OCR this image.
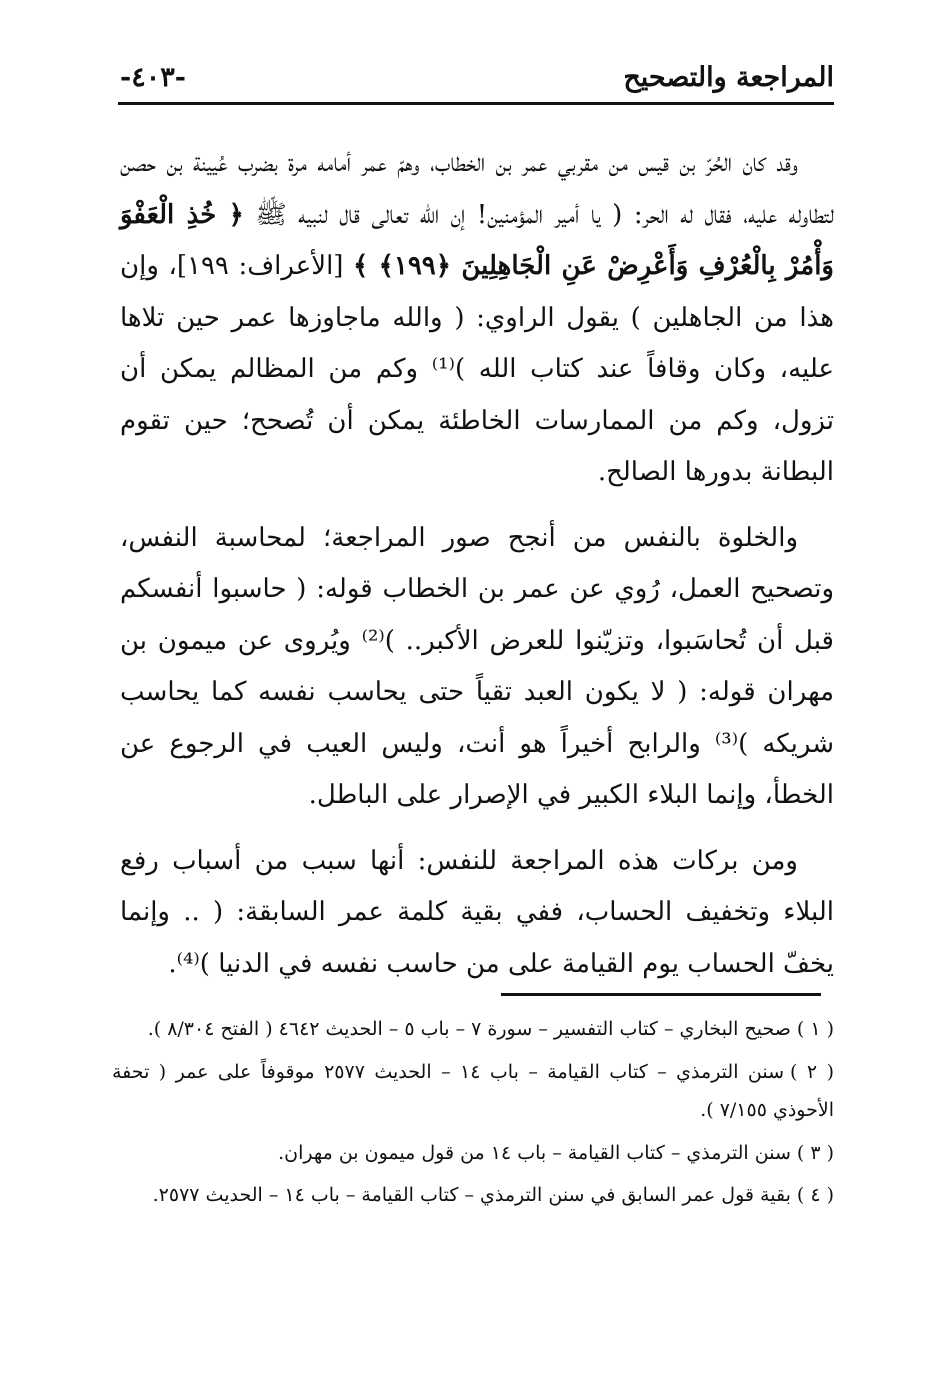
المراجعة والتصحيح
-٤٠٣-

وقد كان الحُرّ بن قيس من مقربي عمر بن الخطاب، وهمّ عمر أمامه مرة بضرب عُيينة بن حصن لتطاوله عليه، فقال له الحر: ( يا أمير المؤمنين! إن الله تعالى قال لنبيه ﷺ ﴿ خُذِ الْعَفْوَ وَأْمُرْ بِالْعُرْفِ وَأَعْرِضْ عَنِ الْجَاهِلِينَ ﴿١٩٩﴾ ﴾ [الأعراف: ١٩٩]، وإن هذا من الجاهلين ) يقول الراوي: ( والله ماجاوزها عمر حين تلاها عليه، وكان وقافاً عند كتاب الله )⁽¹⁾ وكم من المظالم يمكن أن تزول، وكم من الممارسات الخاطئة يمكن أن تُصحح؛ حين تقوم البطانة بدورها الصالح.

والخلوة بالنفس من أنجح صور المراجعة؛ لمحاسبة النفس، وتصحيح العمل، رُوي عن عمر بن الخطاب قوله: ( حاسبوا أنفسكم قبل أن تُحاسَبوا، وتزيّنوا للعرض الأكبر.. )⁽²⁾ ويُروى عن ميمون بن مهران قوله: ( لا يكون العبد تقياً حتى يحاسب نفسه كما يحاسب شريكه )⁽³⁾ والرابح أخيراً هو أنت، وليس العيب في الرجوع عن الخطأ، وإنما البلاء الكبير في الإصرار على الباطل.

ومن بركات هذه المراجعة للنفس: أنها سبب من أسباب رفع البلاء وتخفيف الحساب، ففي بقية كلمة عمر السابقة: ( .. وإنما يخفّ الحساب يوم القيامة على من حاسب نفسه في الدنيا )⁽⁴⁾.

( ١ )صحيح البخاري – كتاب التفسير – سورة ٧ – باب ٥ – الحديث ٤٦٤٢ ( الفتح ٨/٣٠٤ ).

( ٢ )سنن الترمذي – كتاب القيامة – باب ١٤ – الحديث ٢٥٧٧ موقوفاً على عمر ( تحفة الأحوذي ٧/١٥٥ ).

( ٣ )سنن الترمذي – كتاب القيامة – باب ١٤ من قول ميمون بن مهران.

( ٤ )بقية قول عمر السابق في سنن الترمذي – كتاب القيامة – باب ١٤ – الحديث ٢٥٧٧.
